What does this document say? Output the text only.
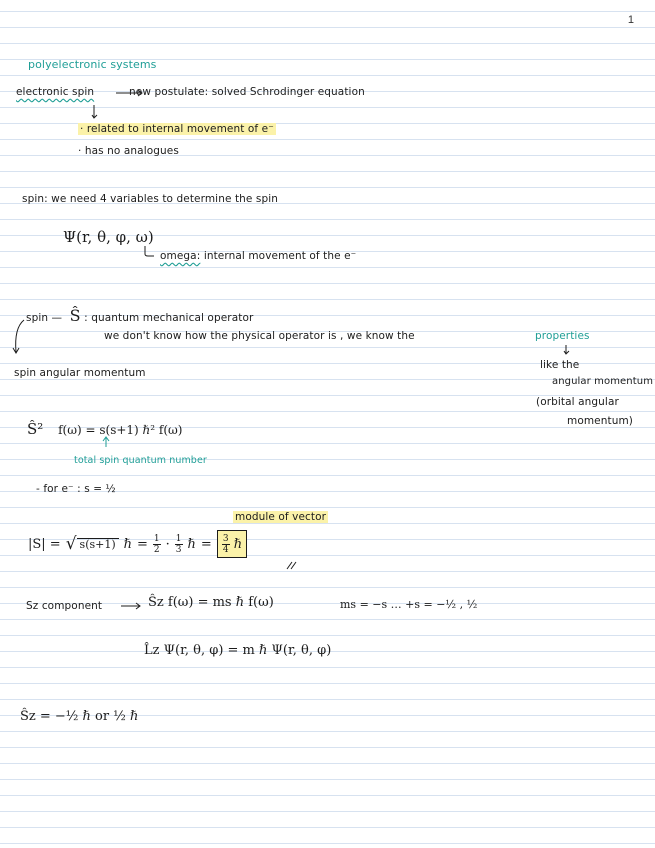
1
polyelectronic systems
electronic spin	new postulate: solved Schrodinger equation
· related to internal movement of e⁻
· has no analogues
spin: we need 4 variables to determine the spin
Ψ(r, θ, φ, ω)
omega: internal movement of the e⁻
spin — Ŝ : quantum mechanical operator
we don't know how the physical operator is , we know the	properties
like the
angular momentum
(orbital angular
momentum)
spin angular momentum
Ŝ² f(ω) = s(s+1) ℏ² f(ω)
total spin quantum number
- for e⁻ : s = ½
module of vector
|S| = √ s(s+1) ℏ = $\frac{1}{2} \cdot \frac{1}{3}$ ℏ = $\frac{3}{4}$ ℏ
Sz component	Ŝz f(ω) = ms ℏ f(ω)	ms = −s … +s = −½ , ½
L̂z Ψ(r, θ, φ) = m ℏ Ψ(r, θ, φ)
Ŝz = −½ ℏ or ½ ℏ
